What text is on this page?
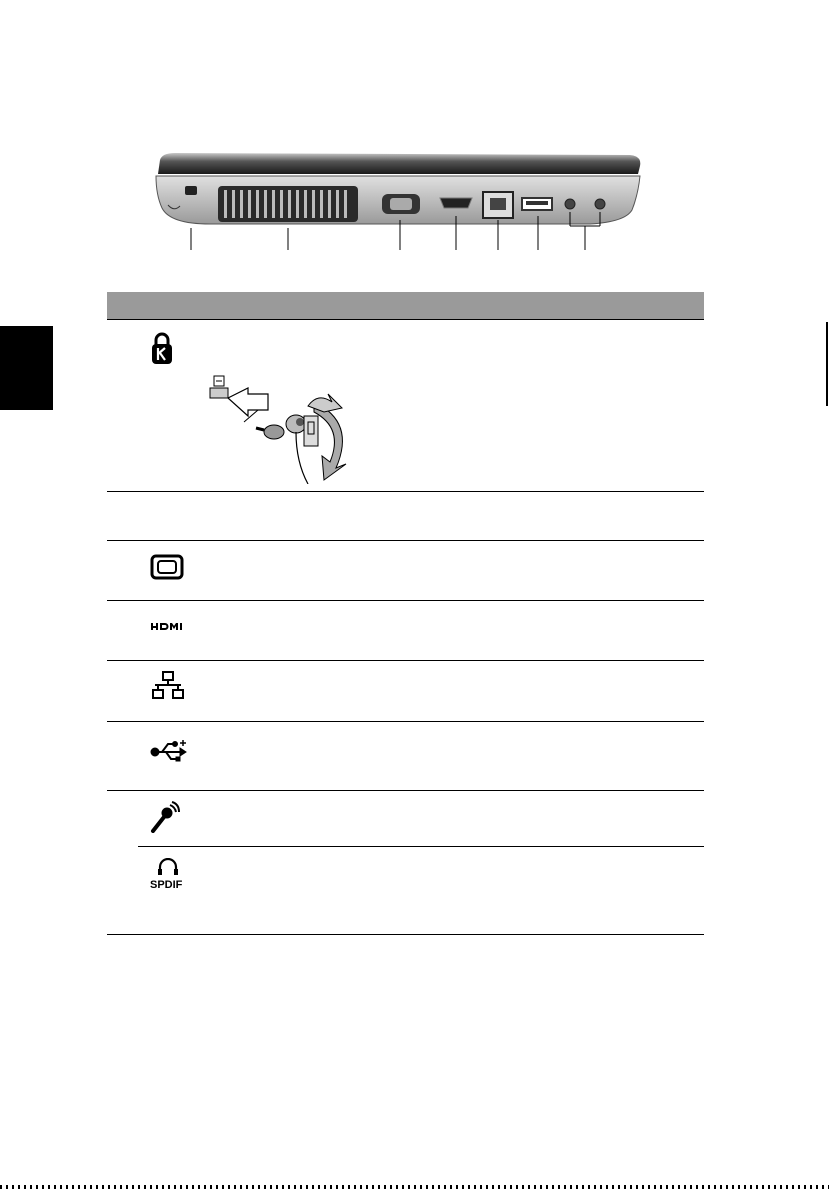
SPDIF
